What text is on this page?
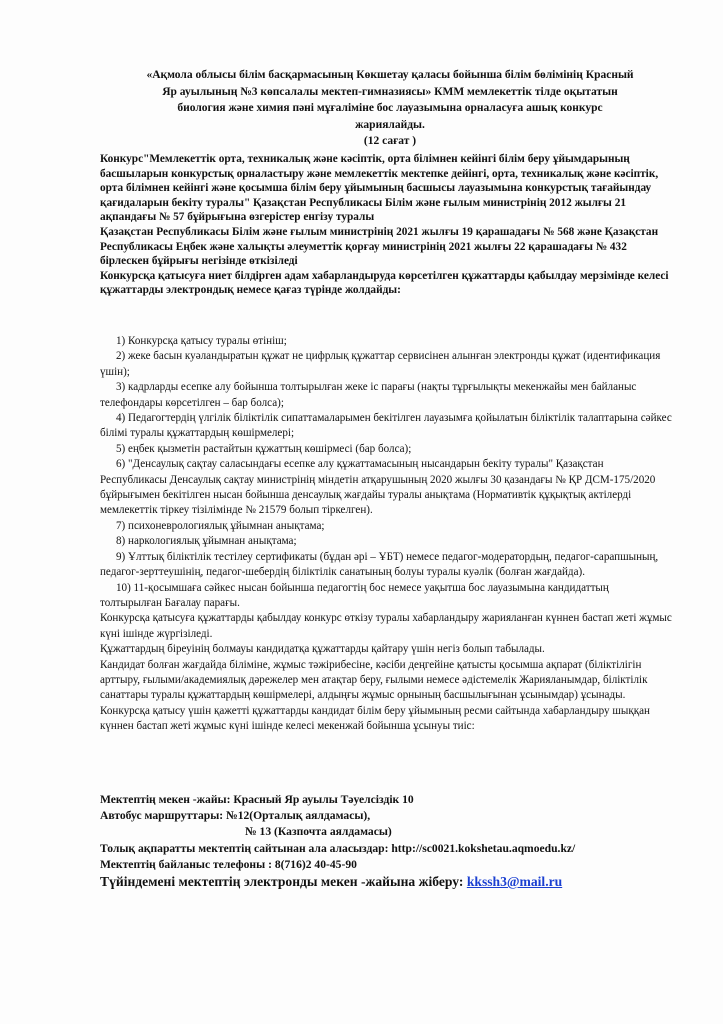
«Ақмола облысы білім басқармасының Көкшетау қаласы бойынша білім бөлімінің Красный
Яр ауылының №3 көпсалалы мектеп-гимназиясы» КММ мемлекеттік тілде оқытатын
биология және химия пәні мұғаліміне бос лауазымына орналасуға ашық конкурс
жариялайды.
(12 сағат )

Конкурс"Мемлекеттік орта, техникалық және кәсіптік, орта білімнен кейінгі білім беру ұйымдарының басшыларын конкурстық орналастыру және мемлекеттік мектепке дейінгі, орта, техникалық және кәсіптік, орта білімнен кейінгі және қосымша білім беру ұйымының басшысы лауазымына конкурстық тағайындау қағидаларын бекіту туралы" Қазақстан Республикасы Білім және ғылым министрінің 2012 жылғы 21 ақпандағы № 57 бұйрығына өзгерістер енгізу туралы

Қазақстан Республикасы Білім және ғылым министрінің 2021 жылғы 19 қарашадағы № 568 және Қазақстан Республикасы Еңбек және халықты әлеуметтік қорғау министрінің 2021 жылғы 22 қарашадағы № 432 бірлескен бұйрығы негізінде өткізіледі

Конкурсқа қатысуға ниет білдірген адам хабарландыруда көрсетілген құжаттарды қабылдау мерзімінде келесі құжаттарды электрондық немесе қағаз түрінде жолдайды:

1) Конкурсқа қатысу туралы өтініш;

2) жеке басын куәландыратын құжат не цифрлық құжаттар сервисінен алынған электронды құжат (идентификация үшін);

3) кадрларды есепке алу бойынша толтырылған жеке іс парағы (нақты тұрғылықты мекенжайы мен байланыс телефондары көрсетілген – бар болса);

4) Педагогтердің үлгілік біліктілік сипаттамаларымен бекітілген лауазымға қойылатын біліктілік талаптарына сәйкес білімі туралы құжаттардың көшірмелері;

5) еңбек қызметін растайтын құжаттың көшірмесі (бар болса);

6) "Денсаулық сақтау саласындағы есепке алу құжаттамасының нысандарын бекіту туралы" Қазақстан Республикасы Денсаулық сақтау министрінің міндетін атқарушының 2020 жылғы 30 қазандағы № ҚР ДСМ-175/2020 бұйрығымен бекітілген нысан бойынша денсаулық жағдайы туралы анықтама (Нормативтік құқықтық актілерді мемлекеттік тіркеу тізілімінде № 21579 болып тіркелген).

7) психоневрологиялық ұйымнан анықтама;

8) наркологиялық ұйымнан анықтама;

9) Ұлттық біліктілік тестілеу сертификаты (бұдан әрі – ҰБТ) немесе педагог-модератордың, педагог-сарапшының, педагог-зерттеушінің, педагог-шебердің біліктілік санатының болуы туралы куәлік (болған жағдайда).

10) 11-қосымшаға сәйкес нысан бойынша педагогтің бос немесе уақытша бос лауазымына кандидаттың толтырылған Бағалау парағы.

Конкурсқа қатысуға құжаттарды қабылдау конкурс өткізу туралы хабарландыру жарияланған күннен бастап жеті жұмыс күні ішінде жүргізіледі.

Құжаттардың біреуінің болмауы кандидатқа құжаттарды қайтару үшін негіз болып табылады.

Кандидат болған жағдайда біліміне, жұмыс тәжірибесіне, кәсіби деңгейіне қатысты қосымша ақпарат (біліктілігін арттыру, ғылыми/академиялық дәрежелер мен атақтар беру, ғылыми немесе әдістемелік Жарияланымдар, біліктілік санаттары туралы құжаттардың көшірмелері, алдыңғы жұмыс орнының басшылығынан ұсынымдар) ұсынады.

Конкурсқа қатысу үшін қажетті құжаттарды кандидат білім беру ұйымының ресми сайтында хабарландыру шыққан күннен бастап жеті жұмыс күні ішінде келесі мекенжай бойынша ұсынуы тиіс:

Мектептің мекен -жайы: Красный Яр ауылы Тәуелсіздік 10

Автобус маршруттары: №12(Орталық аялдамасы),

№ 13 (Казпочта аялдамасы)

Толық ақпаратты мектептің сайтынан ала аласыздар: http://sc0021.kokshetau.aqmoedu.kz/

Мектептің байланыс телефоны : 8(716)2 40-45-90

Түйіндемені мектептің электронды мекен -жайына жіберу: kkssh3@mail.ru
